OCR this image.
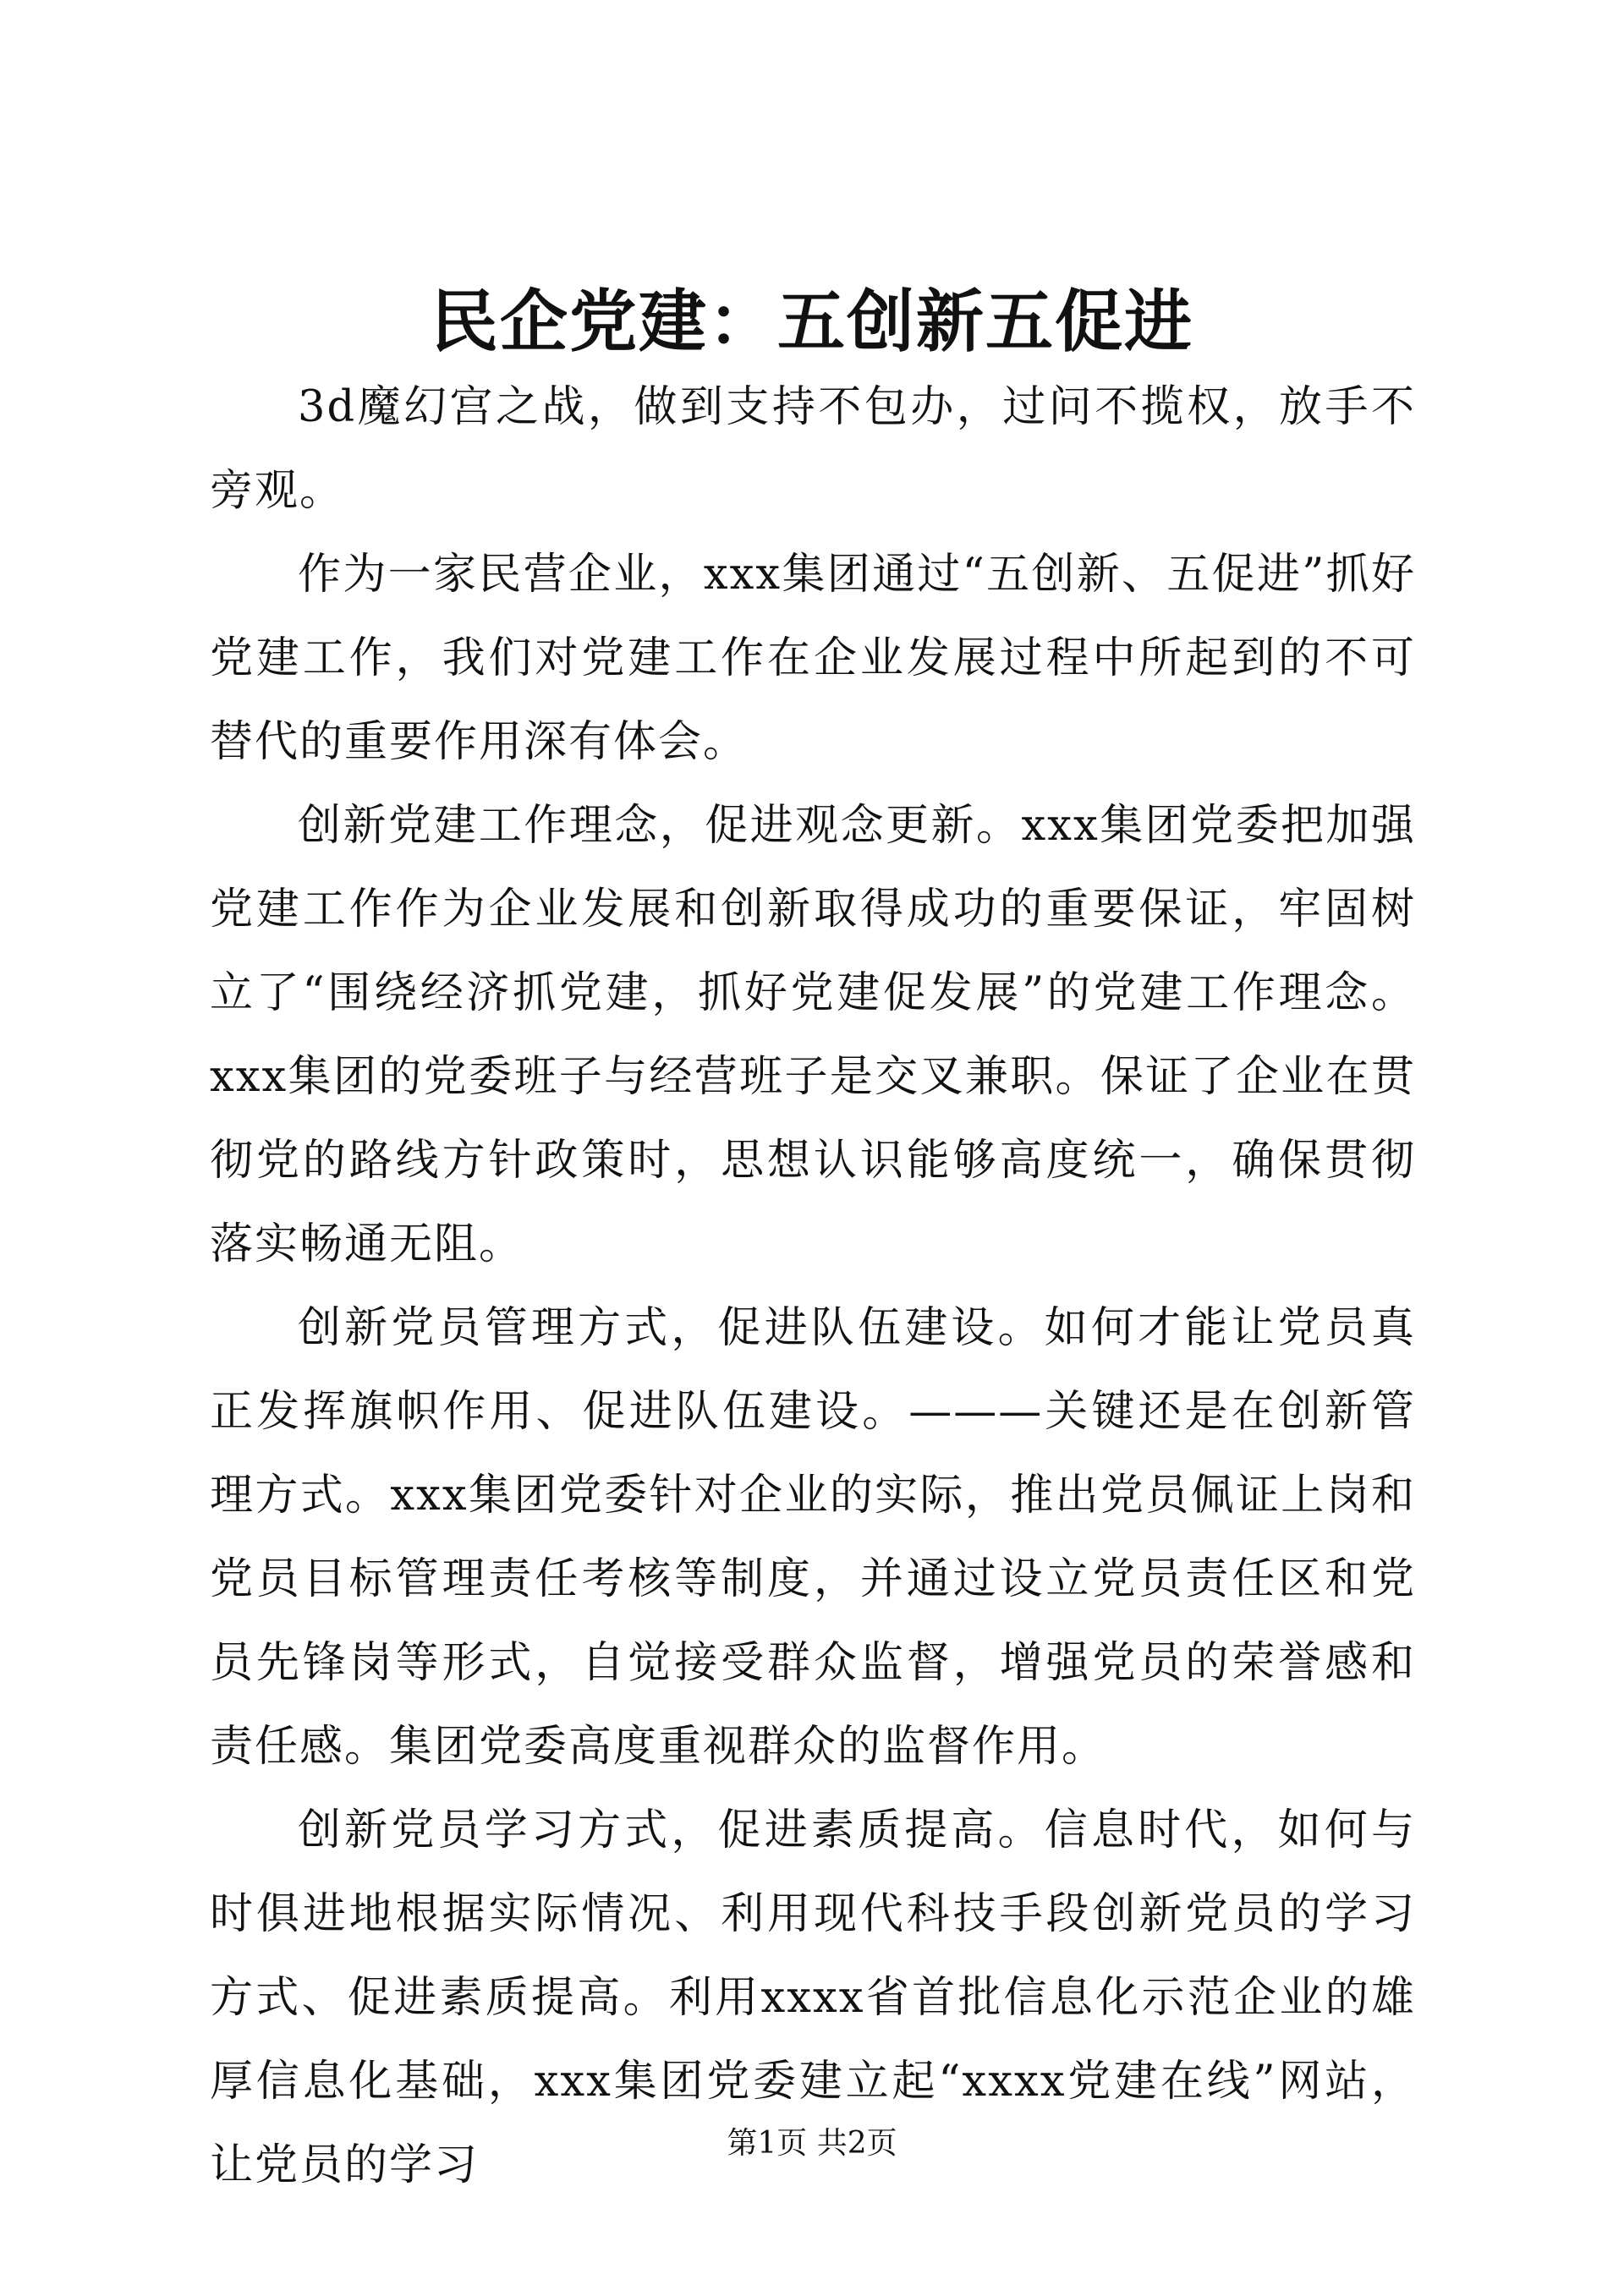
民企党建：五创新五促进

3d魔幻宫之战，做到支持不包办，过问不揽权，放手不旁观。

作为一家民营企业，xxx集团通过“五创新、五促进”抓好党建工作，我们对党建工作在企业发展过程中所起到的不可替代的重要作用深有体会。

创新党建工作理念，促进观念更新。xxx集团党委把加强党建工作作为企业发展和创新取得成功的重要保证，牢固树立了“围绕经济抓党建，抓好党建促发展”的党建工作理念。xxx集团的党委班子与经营班子是交叉兼职。保证了企业在贯彻党的路线方针政策时，思想认识能够高度统一，确保贯彻落实畅通无阻。

创新党员管理方式，促进队伍建设。如何才能让党员真正发挥旗帜作用、促进队伍建设。———关键还是在创新管理方式。xxx集团党委针对企业的实际，推出党员佩证上岗和党员目标管理责任考核等制度，并通过设立党员责任区和党员先锋岗等形式，自觉接受群众监督，增强党员的荣誉感和责任感。集团党委高度重视群众的监督作用。

创新党员学习方式，促进素质提高。信息时代，如何与时俱进地根据实际情况、利用现代科技手段创新党员的学习方式、促进素质提高。利用xxxx省首批信息化示范企业的雄厚信息化基础，xxx集团党委建立起“xxxx党建在线”网站，让党员的学习	第1页 共2页
